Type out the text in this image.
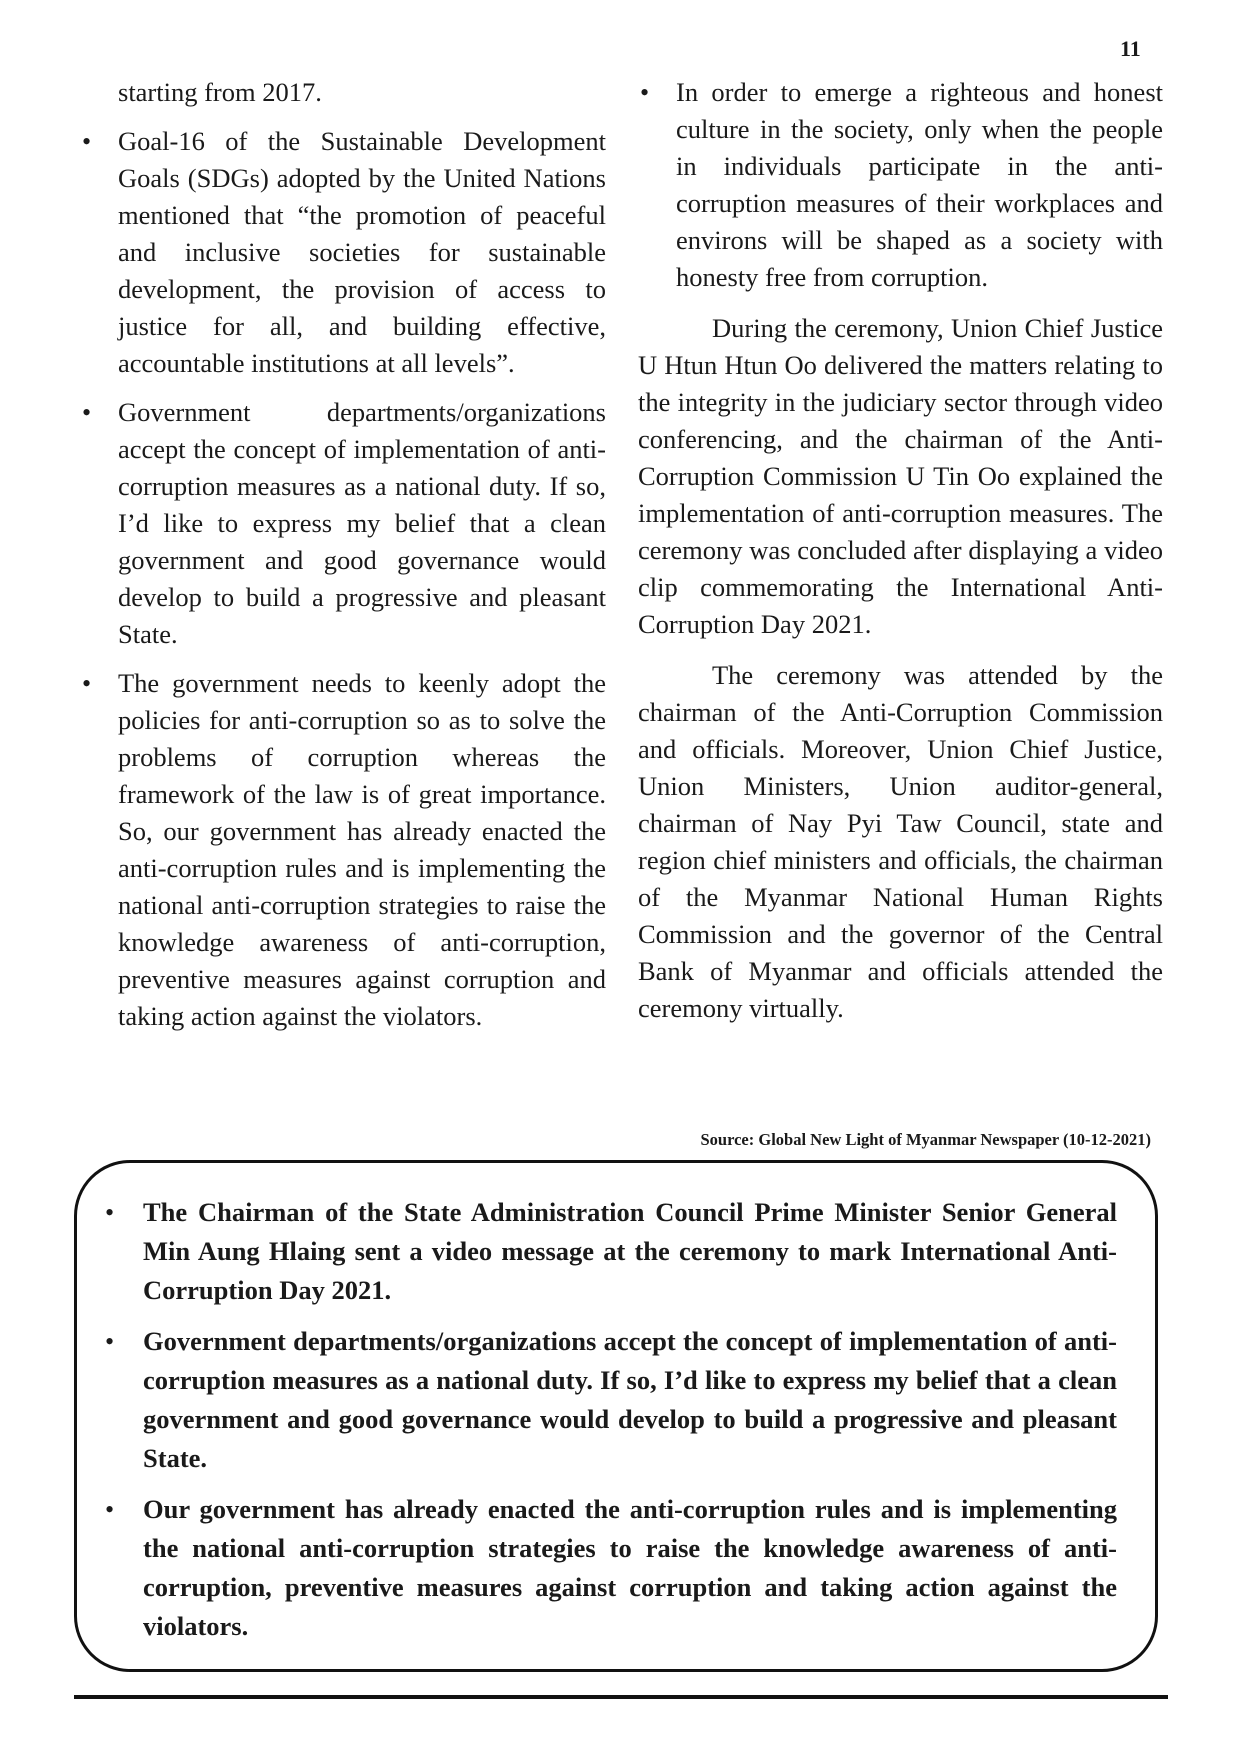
11

starting from 2017.

• Goal-16 of the Sustainable Development Goals (SDGs) adopted by the United Nations mentioned that “the promotion of peaceful and inclusive societies for sustainable development, the provision of access to justice for all, and building effective, accountable institutions at all levels”.
• Government departments/organizations accept the concept of implementation of anti-corruption measures as a national duty. If so, I’d like to express my belief that a clean government and good governance would develop to build a progressive and pleasant State.
• The government needs to keenly adopt the policies for anti-corruption so as to solve the problems of corruption whereas the framework of the law is of great importance. So, our government has already enacted the anti-corruption rules and is implementing the national anti-corruption strategies to raise the knowledge awareness of anti-corruption, preventive measures against corruption and taking action against the violators.
• In order to emerge a righteous and honest culture in the society, only when the people in individuals participate in the anti-corruption measures of their workplaces and environs will be shaped as a society with honesty free from corruption.

During the ceremony, Union Chief Justice U Htun Htun Oo delivered the matters relating to the integrity in the judiciary sector through video conferencing, and the chairman of the Anti-Corruption Commission U Tin Oo explained the implementation of anti-corruption measures. The ceremony was concluded after displaying a video clip commemorating the International Anti-Corruption Day 2021.

The ceremony was attended by the chairman of the Anti-Corruption Commission and officials. Moreover, Union Chief Justice, Union Ministers, Union auditor-general, chairman of Nay Pyi Taw Council, state and region chief ministers and officials, the chairman of the Myanmar National Human Rights Commission and the governor of the Central Bank of Myanmar and officials attended the ceremony virtually.

Source: Global New Light of Myanmar Newspaper (10-12-2021)
• The Chairman of the State Administration Council Prime Minister Senior General Min Aung Hlaing sent a video message at the ceremony to mark International Anti-Corruption Day 2021.
• Government departments/organizations accept the concept of implementation of anti-corruption measures as a national duty. If so, I’d like to express my belief that a clean government and good governance would develop to build a progressive and pleasant State.
• Our government has already enacted the anti-corruption rules and is implementing the national anti-corruption strategies to raise the knowledge awareness of anti-corruption, preventive measures against corruption and taking action against the violators.
